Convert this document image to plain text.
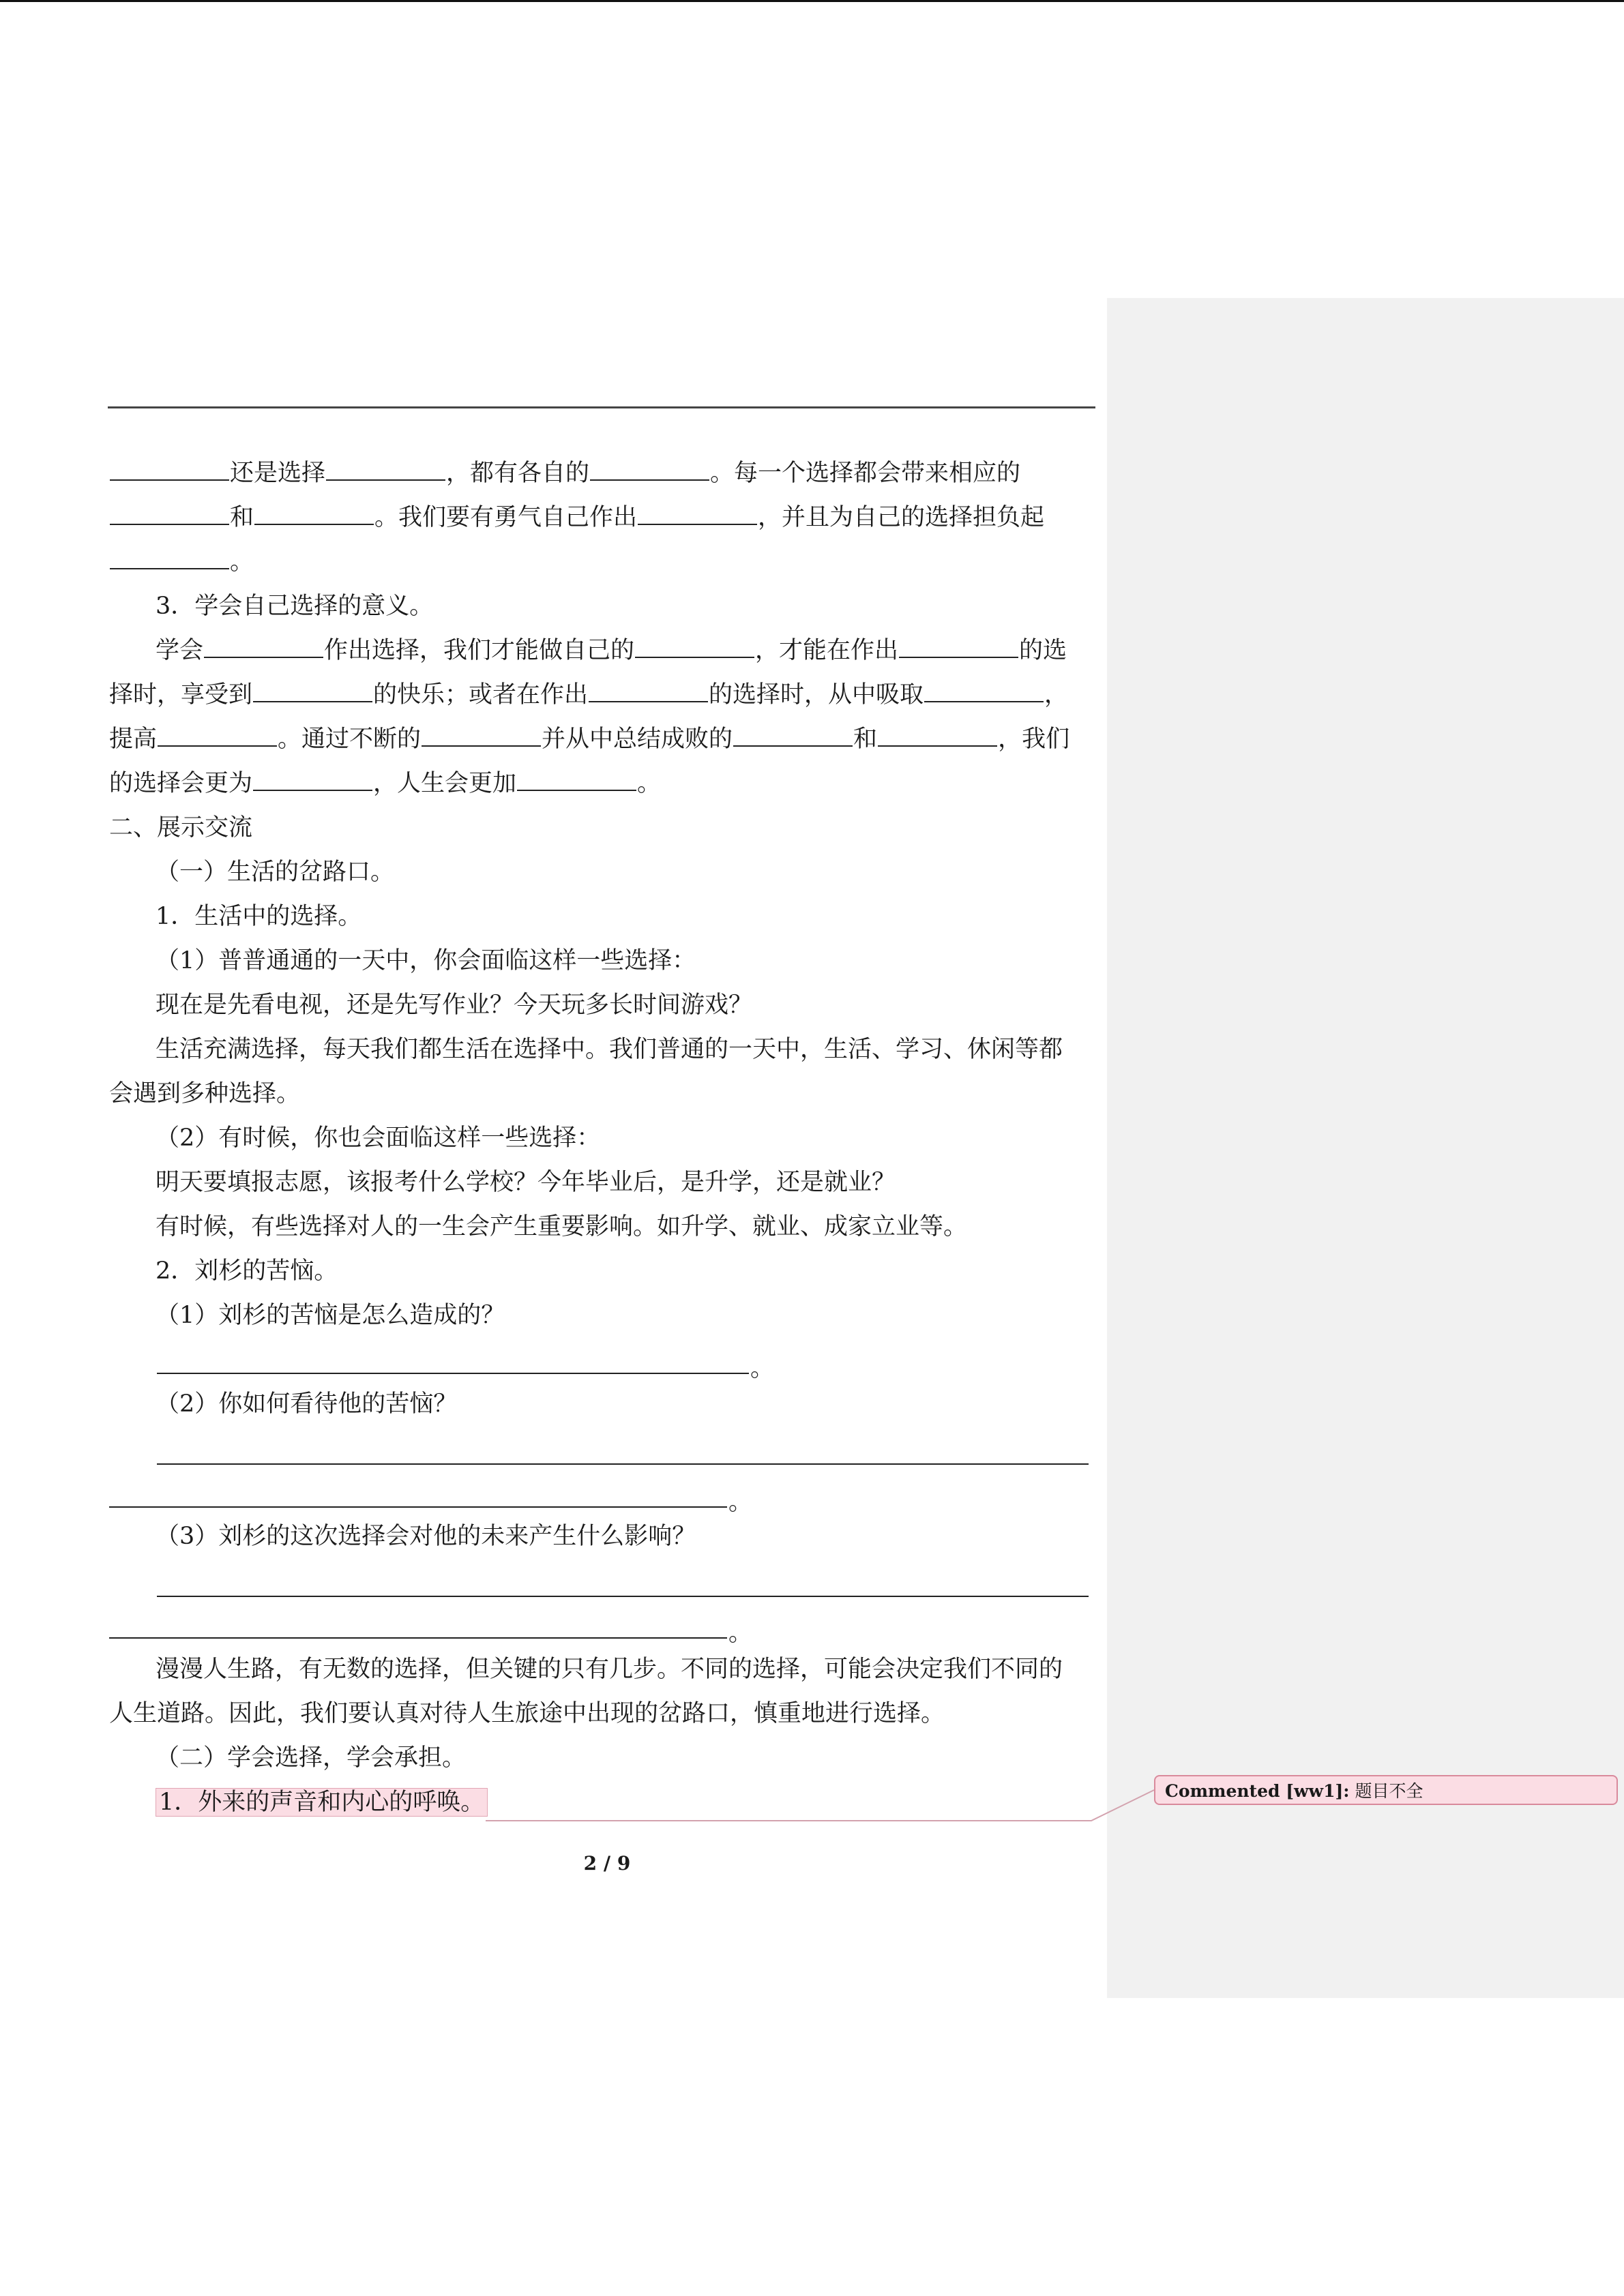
还是选择	，都有各自的	。每一个选择都会带来相应的
和	。我们要有勇气自己作出	，并且为自己的选择担负起
。
3．学会自己选择的意义。
学会	作出选择，我们才能做自己的	，才能在作出	的选
择时，享受到	的快乐；或者在作出	的选择时，从中吸取	，
提高	。通过不断的	并从中总结成败的	和	，我们
的选择会更为	，人生会更加	。
二、展示交流
（一）生活的岔路口。
1．生活中的选择。
（1）普普通通的一天中，你会面临这样一些选择：
现在是先看电视，还是先写作业？今天玩多长时间游戏？
生活充满选择，每天我们都生活在选择中。我们普通的一天中，生活、学习、休闲等都
会遇到多种选择。
（2）有时候，你也会面临这样一些选择：
明天要填报志愿，该报考什么学校？今年毕业后，是升学，还是就业？
有时候，有些选择对人的一生会产生重要影响。如升学、就业、成家立业等。
2．刘杉的苦恼。
（1）刘杉的苦恼是怎么造成的？
。
（2）你如何看待他的苦恼？
。
（3）刘杉的这次选择会对他的未来产生什么影响？
。
漫漫人生路，有无数的选择，但关键的只有几步。不同的选择，可能会决定我们不同的
人生道路。因此，我们要认真对待人生旅途中出现的岔路口，慎重地进行选择。
（二）学会选择，学会承担。
1．外来的声音和内心的呼唤。	Commented [ww1]: 题目不全
2 / 9
